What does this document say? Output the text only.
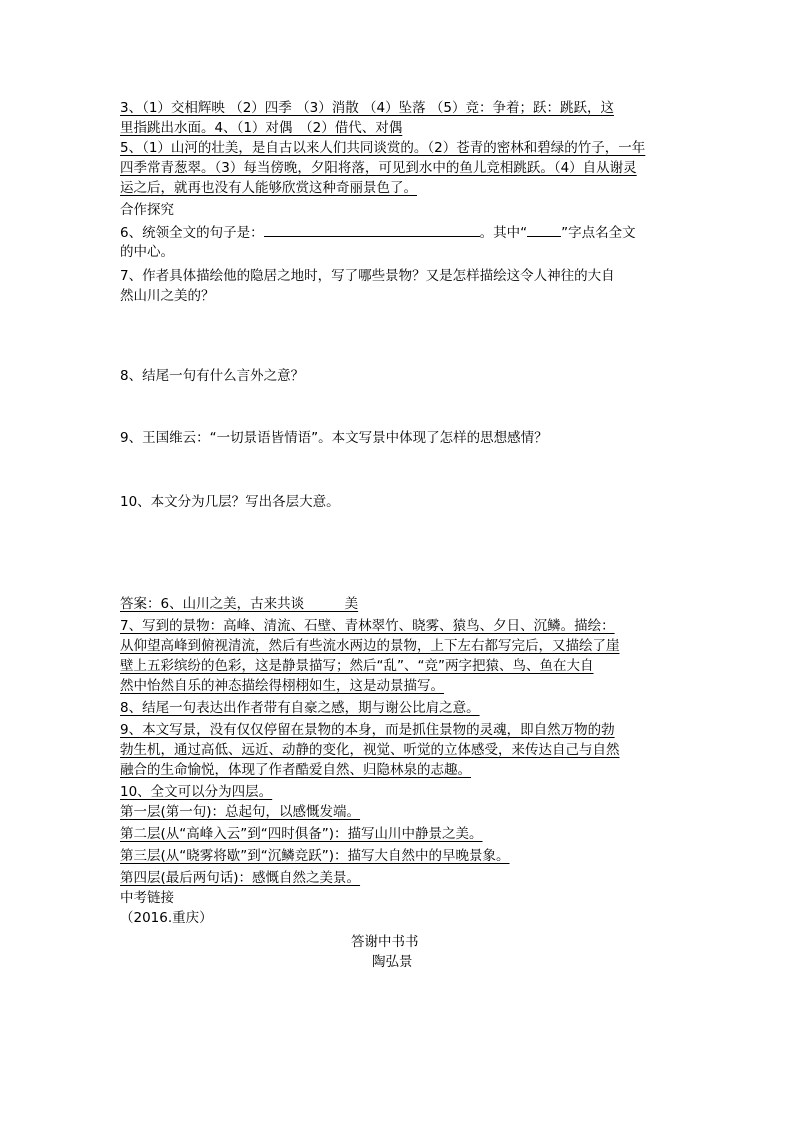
3、（1）交相辉映 （2）四季 （3）消散 （4）坠落 （5）竞：争着；跃：跳跃，这
里指跳出水面。4、（1）对偶　（2）借代、对偶
5、（1）山河的壮美，是自古以来人们共同谈赏的。（2）苍青的密林和碧绿的竹子，一年
四季常青葱翠。（3）每当傍晚，夕阳将落，可见到水中的鱼儿竞相跳跃。（4）自从谢灵
运之后，就再也没有人能够欣赏这种奇丽景色了。
合作探究
6、统领全文的句子是：	。其中“	”字点名全文
的中心。
7、作者具体描绘他的隐居之地时，写了哪些景物？又是怎样描绘这令人神往的大自
然山川之美的？
8、结尾一句有什么言外之意？
9、王国维云：“一切景语皆情语”。本文写景中体现了怎样的思想感情？
10、本文分为几层？写出各层大意。
答案：6、山川之美，古来共谈　　　美
7、写到的景物：高峰、清流、石壁、青林翠竹、晓雾、猿鸟、夕日、沉鳞。描绘：
从仰望高峰到俯视清流，然后有些流水两边的景物，上下左右都写完后，又描绘了崖
壁上五彩缤纷的色彩，这是静景描写；然后“乱”、“竞”两字把猿、鸟、鱼在大自
然中怡然自乐的神态描绘得栩栩如生，这是动景描写。
8、结尾一句表达出作者带有自豪之感，期与谢公比肩之意。
9、本文写景，没有仅仅停留在景物的本身，而是抓住景物的灵魂，即自然万物的勃
勃生机，通过高低、远近、动静的变化，视觉、听觉的立体感受，来传达自己与自然
融合的生命愉悦，体现了作者酷爱自然、归隐林泉的志趣。
10、全文可以分为四层。
第一层(第一句)：总起句，以感慨发端。
第二层(从“高峰入云”到“四时俱备”)：描写山川中静景之美。
第三层(从“晓雾将歇”到“沉鳞竞跃”)：描写大自然中的早晚景象。
第四层(最后两句话)：感慨自然之美景。
中考链接
（2016.重庆）
答谢中书书
陶弘景
